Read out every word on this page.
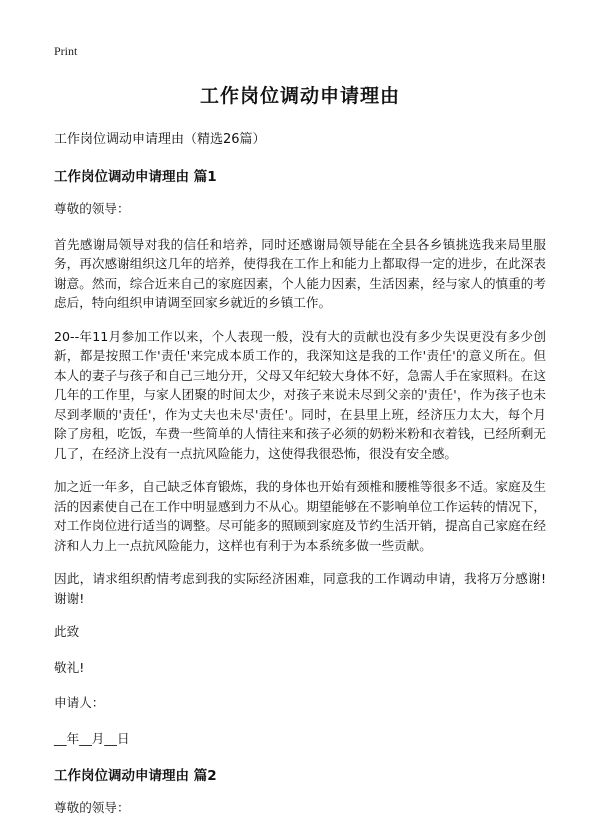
Print
工作岗位调动申请理由
工作岗位调动申请理由（精选26篇）
工作岗位调动申请理由 篇1

尊敬的领导：

首先感谢局领导对我的信任和培养，同时还感谢局领导能在全县各乡镇挑选我来局里服务，再次感谢组织这几年的培养，使得我在工作上和能力上都取得一定的进步，在此深表谢意。然而，综合近来自己的家庭因素，个人能力因素，生活因素，经与家人的慎重的考虑后，特向组织申请调至回家乡就近的乡镇工作。

20--年11月参加工作以来，个人表现一般，没有大的贡献也没有多少失误更没有多少创新，都是按照工作'责任'来完成本质工作的，我深知这是我的工作'责任'的意义所在。但本人的妻子与孩子和自己三地分开，父母又年纪较大身体不好，急需人手在家照料。在这几年的工作里，与家人团聚的时间太少，对孩子来说未尽到父亲的'责任'，作为孩子也未尽到孝顺的'责任'，作为丈夫也未尽'责任'。同时，在县里上班，经济压力太大，每个月除了房租，吃饭，车费一些简单的人情往来和孩子必须的奶粉米粉和衣着钱，已经所剩无几了，在经济上没有一点抗风险能力，这使得我很恐怖，很没有安全感。

加之近一年多，自己缺乏体育锻炼，我的身体也开始有颈椎和腰椎等很多不适。家庭及生活的因素使自己在工作中明显感到力不从心。期望能够在不影响单位工作运转的情况下，对工作岗位进行适当的调整。尽可能多的照顾到家庭及节约生活开销，提高自己家庭在经济和人力上一点抗风险能力，这样也有利于为本系统多做一些贡献。

因此，请求组织酌情考虑到我的实际经济困难，同意我的工作调动申请，我将万分感谢!谢谢!

此致

敬礼!

申请人：

__年__月__日

工作岗位调动申请理由 篇2

尊敬的领导：
